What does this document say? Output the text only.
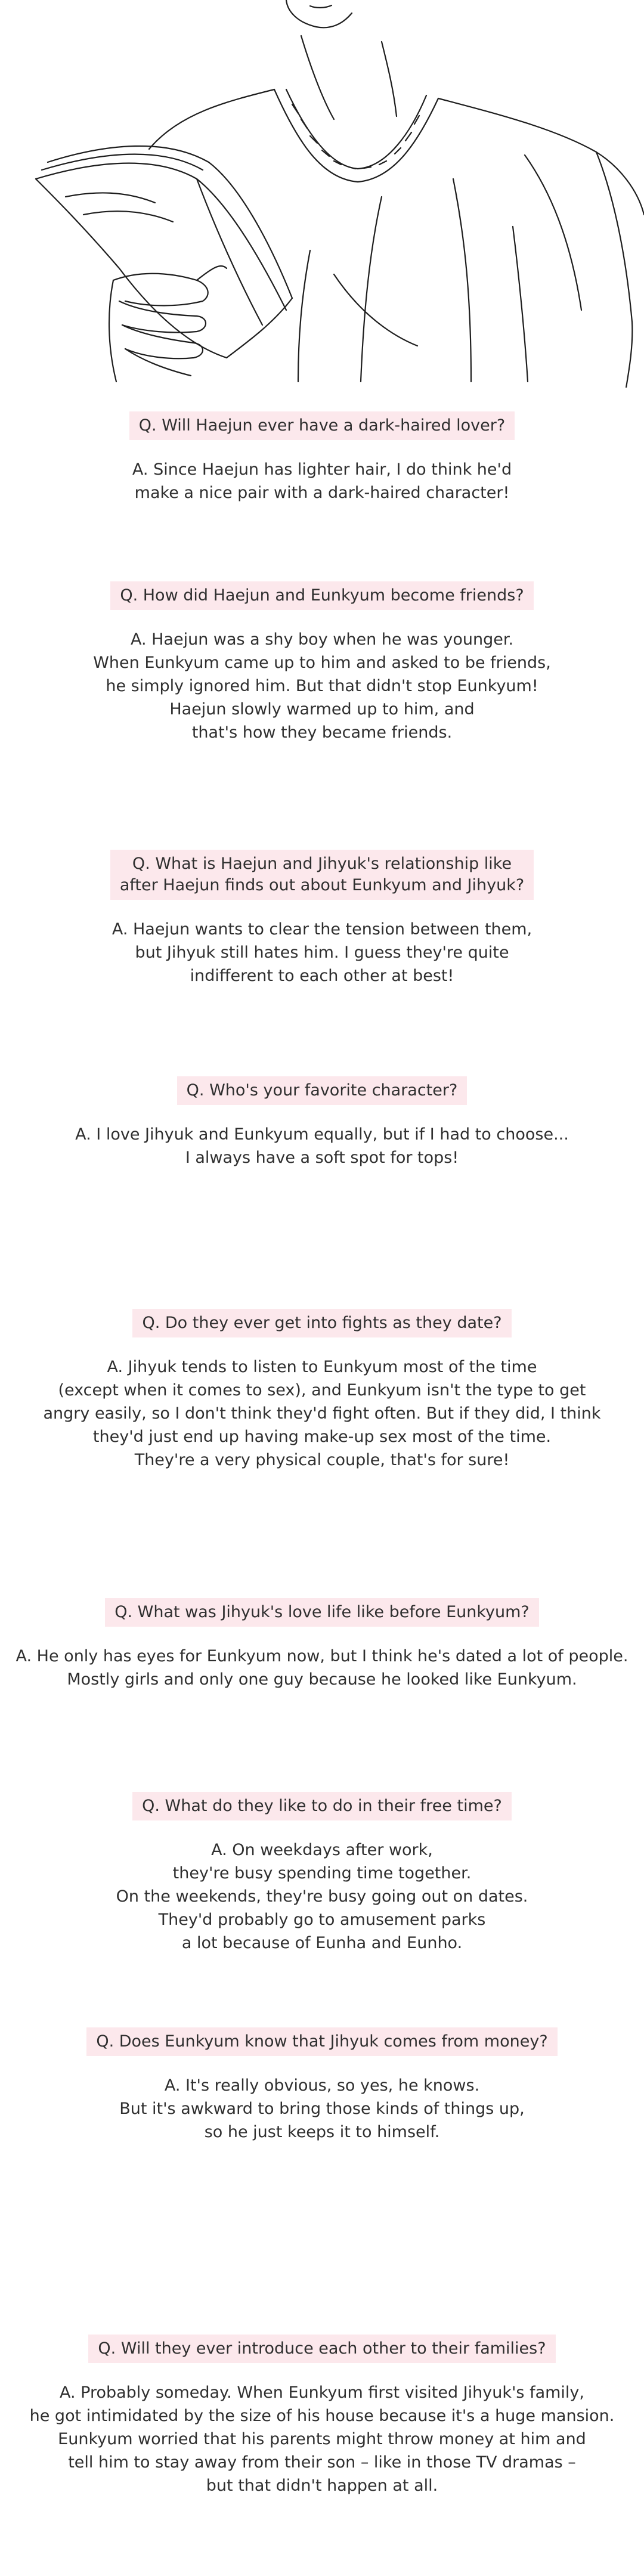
Q. Will Haejun ever have a dark-haired lover?
A. Since Haejun has lighter hair, I do think he'd
make a nice pair with a dark-haired character!
Q. How did Haejun and Eunkyum become friends?
A. Haejun was a shy boy when he was younger.
When Eunkyum came up to him and asked to be friends,
he simply ignored him. But that didn't stop Eunkyum!
Haejun slowly warmed up to him, and
that's how they became friends.
Q. What is Haejun and Jihyuk's relationship like
after Haejun finds out about Eunkyum and Jihyuk?
A. Haejun wants to clear the tension between them,
but Jihyuk still hates him. I guess they're quite
indifferent to each other at best!
Q. Who's your favorite character?
A. I love Jihyuk and Eunkyum equally, but if I had to choose...
I always have a soft spot for tops!
Q. Do they ever get into fights as they date?
A. Jihyuk tends to listen to Eunkyum most of the time
(except when it comes to sex), and Eunkyum isn't the type to get
angry easily, so I don't think they'd fight often. But if they did, I think
they'd just end up having make-up sex most of the time.
They're a very physical couple, that's for sure!
Q. What was Jihyuk's love life like before Eunkyum?
A. He only has eyes for Eunkyum now, but I think he's dated a lot of people.
Mostly girls and only one guy because he looked like Eunkyum.
Q. What do they like to do in their free time?
A. On weekdays after work,
they're busy spending time together.
On the weekends, they're busy going out on dates.
They'd probably go to amusement parks
a lot because of Eunha and Eunho.
Q. Does Eunkyum know that Jihyuk comes from money?
A. It's really obvious, so yes, he knows.
But it's awkward to bring those kinds of things up,
so he just keeps it to himself.
Q. Will they ever introduce each other to their families?
A. Probably someday. When Eunkyum first visited Jihyuk's family,
he got intimidated by the size of his house because it's a huge mansion.
Eunkyum worried that his parents might throw money at him and
tell him to stay away from their son – like in those TV dramas –
but that didn't happen at all.
